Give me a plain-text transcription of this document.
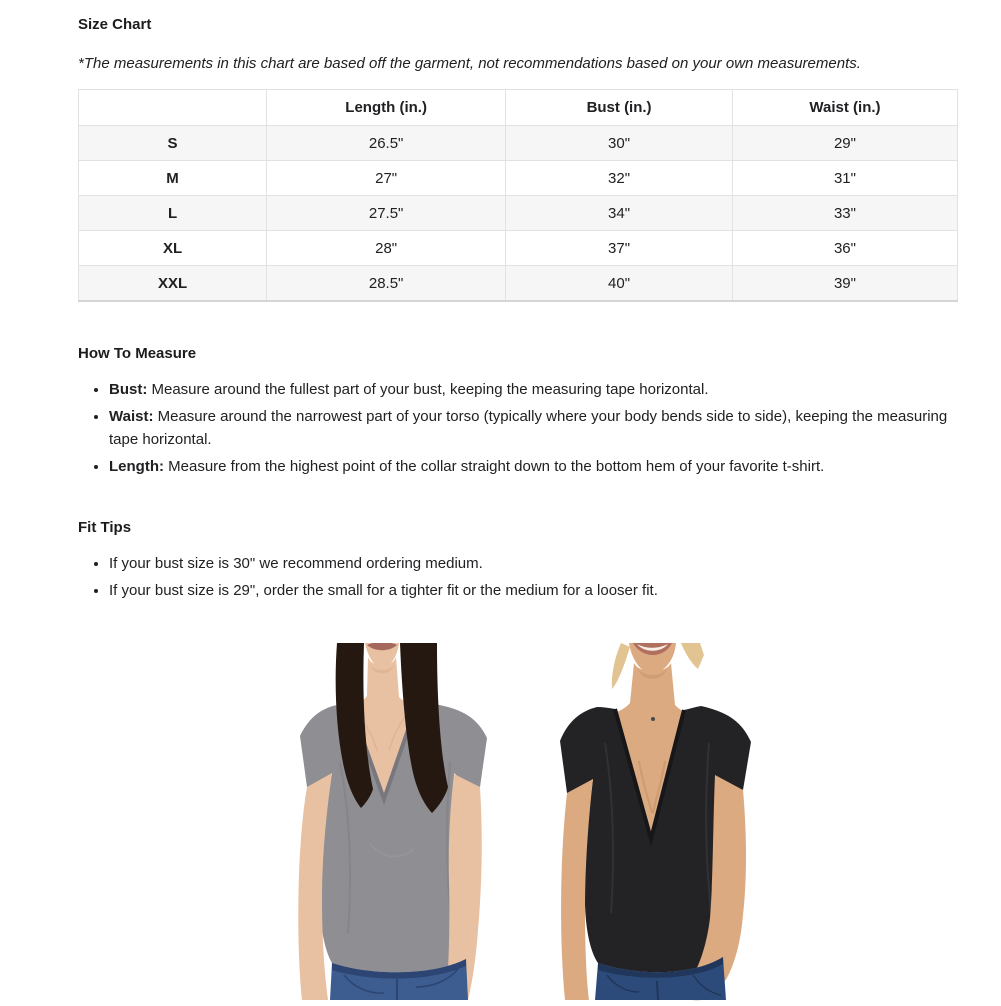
Size Chart

*The measurements in this chart are based off the garment, not recommendations based on your own measurements.

	Length (in.)	Bust (in.)	Waist (in.)
S	26.5"	30"	29"
M	27"	32"	31"
L	27.5"	34"	33"
XL	28"	37"	36"
XXL	28.5"	40"	39"
How To Measure
• Bust: Measure around the fullest part of your bust, keeping the measuring tape horizontal.
• Waist: Measure around the narrowest part of your torso (typically where your body bends side to side), keeping the measuring tape horizontal.
• Length: Measure from the highest point of the collar straight down to the bottom hem of your favorite t-shirt.
Fit Tips
• If your bust size is 30" we recommend ordering medium.
• If your bust size is 29", order the small for a tighter fit or the medium for a looser fit.
